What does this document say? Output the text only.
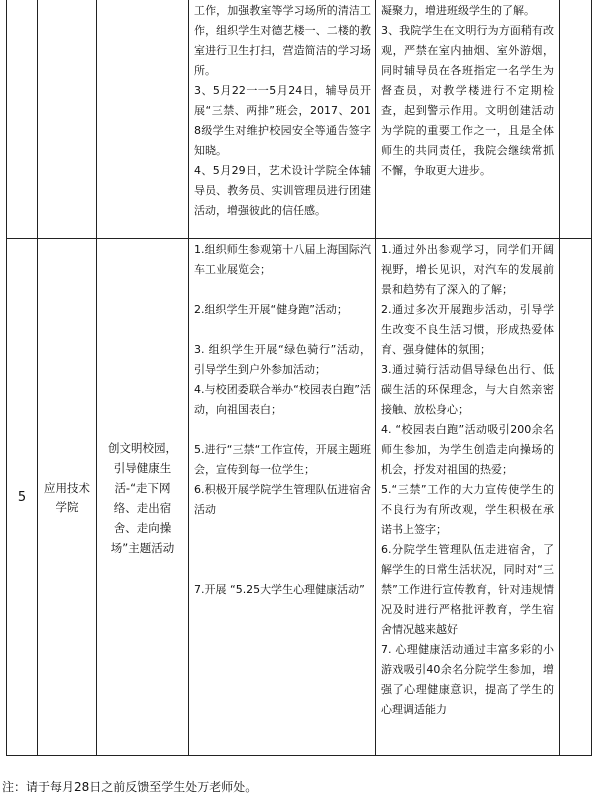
工作，加强教室等学习场所的清洁工作，组织学生对德艺楼一、二楼的教室进行卫生打扫，营造简洁的学习场所。

3、5月22一一5月24日，辅导员开展“三禁、两排”班会，2017、2018级学生对维护校园安全等通告签字知晓。

4、5月29日，艺术设计学院全体辅导员、教务员、实训管理员进行团建活动，增强彼此的信任感。

凝聚力，增进班级学生的了解。

3、我院学生在文明行为方面稍有改观，严禁在室内抽烟、室外游烟，同时辅导员在各班指定一名学生为督查员，对教学楼进行不定期检查，起到警示作用。文明创建活动为学院的重要工作之一，且是全体师生的共同责任，我院会继续常抓不懈，争取更大进步。

5
应用技术学院
创文明校园，引导健康生活-“走下网络、走出宿舍、走向操场”主题活动

1.组织师生参观第十八届上海国际汽车工业展览会；

2.组织学生开展“健身跑”活动；

3. 组织学生开展“绿色骑行”活动，引导学生到户外参加活动；

4.与校团委联合举办“校园表白跑”活动，向祖国表白；

5.进行“三禁“工作宣传，开展主题班会，宣传到每一位学生；

6.积极开展学院学生管理队伍进宿舍活动

7.开展 “5.25大学生心理健康活动”

1.通过外出参观学习，同学们开阔视野，增长见识，对汽车的发展前景和趋势有了深入的了解；

2.通过多次开展跑步活动，引导学生改变不良生活习惯，形成热爱体育、强身健体的氛围；

3.通过骑行活动倡导绿色出行、低碳生活的环保理念，与大自然亲密接触、放松身心；

4. “校园表白跑”活动吸引200余名师生参加，为学生创造走向操场的机会，抒发对祖国的热爱；

5.“三禁”工作的大力宣传使学生的不良行为有所改观，学生积极在承诺书上签字；

6.分院学生管理队伍走进宿舍，了解学生的日常生活状况，同时对“三禁”工作进行宣传教育，针对违规情况及时进行严格批评教育，学生宿舍情况越来越好

7. 心理健康活动通过丰富多彩的小游戏吸引40余名分院学生参加，增强了心理健康意识，提高了学生的心理调适能力

注：请于每月28日之前反馈至学生处万老师处。
